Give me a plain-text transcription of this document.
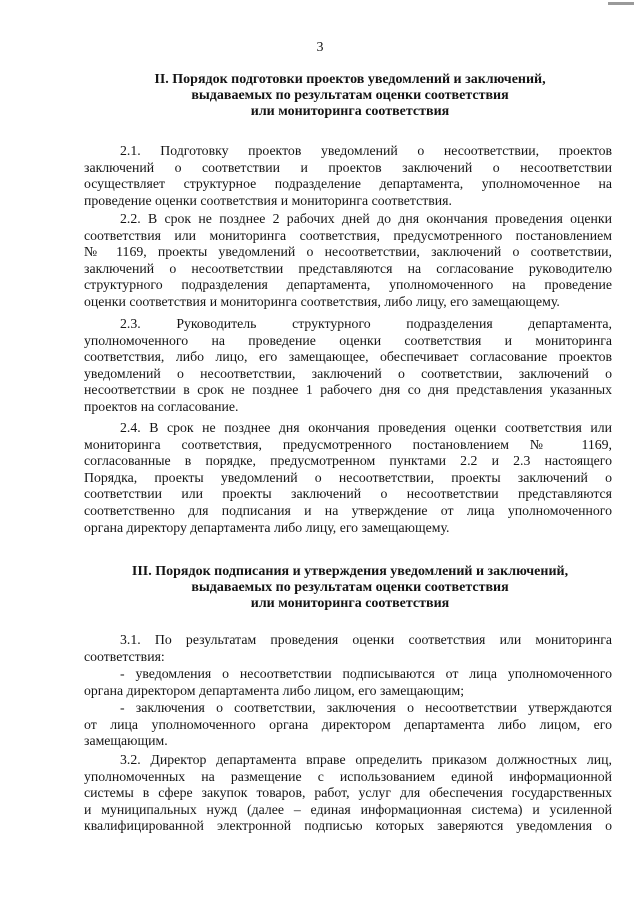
3
II. Порядок подготовки проектов уведомлений и заключений,
выдаваемых по результатам оценки соответствия
или мониторинга соответствия
2.1. Подготовку проектов уведомлений о несоответствии, проектов
заключений о соответствии и проектов заключений о несоответствии
осуществляет структурное подразделение департамента, уполномоченное на
проведение оценки соответствия и мониторинга соответствия.
2.2. В срок не позднее 2 рабочих дней до дня окончания проведения оценки
соответствия или мониторинга соответствия, предусмотренного постановлением
№ 1169, проекты уведомлений о несоответствии, заключений о соответствии,
заключений о несоответствии представляются на согласование руководителю
структурного подразделения департамента, уполномоченного на проведение
оценки соответствия и мониторинга соответствия, либо лицу, его замещающему.
2.3. Руководитель структурного подразделения департамента,
уполномоченного на проведение оценки соответствия и мониторинга
соответствия, либо лицо, его замещающее, обеспечивает согласование проектов
уведомлений о несоответствии, заключений о соответствии, заключений о
несоответствии в срок не позднее 1 рабочего дня со дня представления указанных
проектов на согласование.
2.4. В срок не позднее дня окончания проведения оценки соответствия или
мониторинга соответствия, предусмотренного постановлением № 1169,
согласованные в порядке, предусмотренном пунктами 2.2 и 2.3 настоящего
Порядка, проекты уведомлений о несоответствии, проекты заключений о
соответствии или проекты заключений о несоответствии представляются
соответственно для подписания и на утверждение от лица уполномоченного
органа директору департамента либо лицу, его замещающему.
III. Порядок подписания и утверждения уведомлений и заключений,
выдаваемых по результатам оценки соответствия
или мониторинга соответствия
3.1. По результатам проведения оценки соответствия или мониторинга
соответствия:
- уведомления о несоответствии подписываются от лица уполномоченного
органа директором департамента либо лицом, его замещающим;
- заключения о соответствии, заключения о несоответствии утверждаются
от лица уполномоченного органа директором департамента либо лицом, его
замещающим.
3.2. Директор департамента вправе определить приказом должностных лиц,
уполномоченных на размещение с использованием единой информационной
системы в сфере закупок товаров, работ, услуг для обеспечения государственных
и муниципальных нужд (далее – единая информационная система) и усиленной
квалифицированной электронной подписью которых заверяются уведомления о
